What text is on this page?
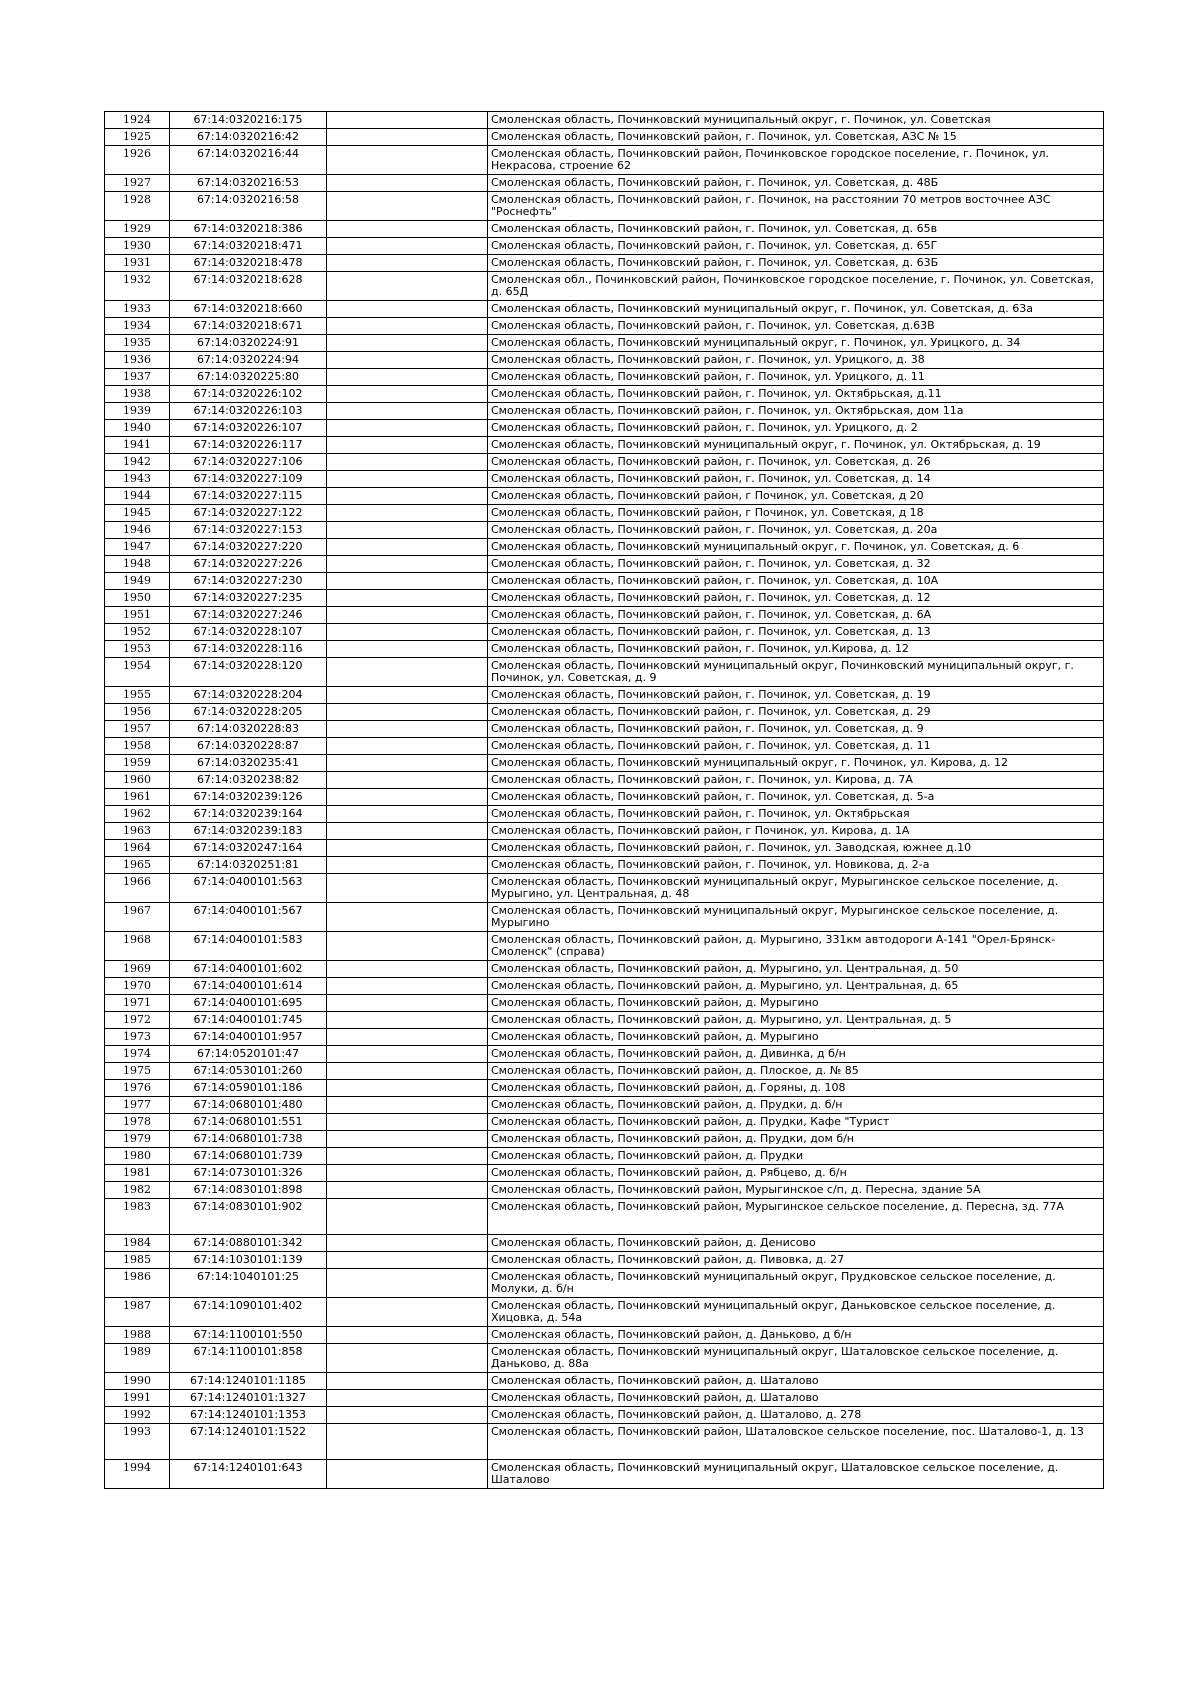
1924	67:14:0320216:175		Смоленская область, Починковский муниципальный округ, г. Починок, ул. Советская
1925	67:14:0320216:42		Смоленская область, Починковский район, г. Починок, ул. Советская, АЗС № 15
1926	67:14:0320216:44		Смоленская область, Починковский район, Починковское городское поселение, г. Починок, ул. Некрасова, строение 62
1927	67:14:0320216:53		Смоленская область, Починковский район, г. Починок, ул. Советская, д. 48Б
1928	67:14:0320216:58		Смоленская область, Починковский район, г. Починок, на расстоянии 70 метров восточнее АЗС "Роснефть"
1929	67:14:0320218:386		Смоленская область, Починковский район, г. Починок, ул. Советская, д. 65в
1930	67:14:0320218:471		Смоленская область, Починковский район, г. Починок, ул. Советская, д. 65Г
1931	67:14:0320218:478		Смоленская область, Починковский район, г. Починок, ул. Советская, д. 63Б
1932	67:14:0320218:628		Смоленская обл., Починковский район, Починковское городское поселение, г. Починок, ул. Советская, д. 65Д
1933	67:14:0320218:660		Смоленская область, Починковский муниципальный округ, г. Починок, ул. Советская, д. 63а
1934	67:14:0320218:671		Смоленская область, Починковский район, г. Починок, ул. Советская, д.63В
1935	67:14:0320224:91		Смоленская область, Починковский муниципальный округ, г. Починок, ул. Урицкого, д. 34
1936	67:14:0320224:94		Смоленская область, Починковский район, г. Починок, ул. Урицкого, д. 38
1937	67:14:0320225:80		Смоленская область, Починковский район, г. Починок, ул. Урицкого, д. 11
1938	67:14:0320226:102		Смоленская область, Починковский район, г. Починок, ул. Октябрьская, д.11
1939	67:14:0320226:103		Смоленская область, Починковский район, г. Починок, ул. Октябрьская, дом 11а
1940	67:14:0320226:107		Смоленская область, Починковский район, г. Починок, ул. Урицкого, д. 2
1941	67:14:0320226:117		Смоленская область, Починковский муниципальный округ, г. Починок, ул. Октябрьская, д. 19
1942	67:14:0320227:106		Смоленская область, Починковский район, г. Починок, ул. Советская, д. 26
1943	67:14:0320227:109		Смоленская область, Починковский район, г. Починок, ул. Советская, д. 14
1944	67:14:0320227:115		Смоленская область, Починковский район, г Починок, ул. Советская, д 20
1945	67:14:0320227:122		Смоленская область, Починковский район, г Починок, ул. Советская, д 18
1946	67:14:0320227:153		Смоленская область, Починковский район, г. Починок, ул. Советская, д. 20а
1947	67:14:0320227:220		Смоленская область, Починковский муниципальный округ, г. Починок, ул. Советская, д. 6
1948	67:14:0320227:226		Смоленская область, Починковский район, г. Починок, ул. Советская, д. 32
1949	67:14:0320227:230		Смоленская область, Починковский район, г. Починок, ул. Советская, д. 10А
1950	67:14:0320227:235		Смоленская область, Починковский район, г. Починок, ул. Советская, д. 12
1951	67:14:0320227:246		Смоленская область, Починковский район, г. Починок, ул. Советская, д. 6А
1952	67:14:0320228:107		Смоленская область, Починковский район, г. Починок, ул. Советская, д. 13
1953	67:14:0320228:116		Смоленская область, Починковский район, г. Починок, ул.Кирова, д. 12
1954	67:14:0320228:120		Смоленская область, Починковский муниципальный округ, Починковский муниципальный округ, г. Починок, ул. Советская, д. 9
1955	67:14:0320228:204		Смоленская область, Починковский район, г. Починок, ул. Советская, д. 19
1956	67:14:0320228:205		Смоленская область, Починковский район, г. Починок, ул. Советская, д. 29
1957	67:14:0320228:83		Смоленская область, Починковский район, г. Починок, ул. Советская, д. 9
1958	67:14:0320228:87		Смоленская область, Починковский район, г. Починок, ул. Советская, д. 11
1959	67:14:0320235:41		Смоленская область, Починковский муниципальный округ, г. Починок, ул. Кирова, д. 12
1960	67:14:0320238:82		Смоленская область, Починковский район, г. Починок, ул. Кирова, д. 7А
1961	67:14:0320239:126		Смоленская область, Починковский район, г. Починок, ул. Советская, д. 5-а
1962	67:14:0320239:164		Смоленская область, Починковский район, г. Починок, ул. Октябрьская
1963	67:14:0320239:183		Смоленская область, Починковский район, г Починок, ул. Кирова, д. 1А
1964	67:14:0320247:164		Смоленская область, Починковский район, г. Починок, ул. Заводская, южнее д.10
1965	67:14:0320251:81		Смоленская область, Починковский район, г. Починок, ул. Новикова, д. 2-а
1966	67:14:0400101:563		Смоленская область, Починковский муниципальный округ, Мурыгинское сельское поселение, д. Мурыгино, ул. Центральная, д. 48
1967	67:14:0400101:567		Смоленская область, Починковский муниципальный округ, Мурыгинское сельское поселение, д. Мурыгино
1968	67:14:0400101:583		Смоленская область, Починковский район, д. Мурыгино, 331км автодороги А-141 "Орел-Брянск-Смоленск" (справа)
1969	67:14:0400101:602		Смоленская область, Починковский район, д. Мурыгино, ул. Центральная, д. 50
1970	67:14:0400101:614		Смоленская область, Починковский район, д. Мурыгино, ул. Центральная, д. 65
1971	67:14:0400101:695		Смоленская область, Починковский район, д. Мурыгино
1972	67:14:0400101:745		Смоленская область, Починковский район, д. Мурыгино, ул. Центральная, д. 5
1973	67:14:0400101:957		Смоленская область, Починковский район, д. Мурыгино
1974	67:14:0520101:47		Смоленская область, Починковский район, д. Дивинка, д б/н
1975	67:14:0530101:260		Смоленская область, Починковский район, д. Плоское, д. № 85
1976	67:14:0590101:186		Смоленская область, Починковский район, д. Горяны, д. 108
1977	67:14:0680101:480		Смоленская область, Починковский район, д. Прудки, д. б/н
1978	67:14:0680101:551		Смоленская область, Починковский район, д. Прудки, Кафе "Турист
1979	67:14:0680101:738		Смоленская область, Починковский район, д. Прудки, дом б/н
1980	67:14:0680101:739		Смоленская область, Починковский район, д. Прудки
1981	67:14:0730101:326		Смоленская область, Починковский район, д. Рябцево, д. б/н
1982	67:14:0830101:898		Смоленская область, Починковский район, Мурыгинское с/п, д. Пересна, здание 5А
1983	67:14:0830101:902		Смоленская область, Починковский район, Мурыгинское сельское поселение, д. Пересна, зд. 77А
1984	67:14:0880101:342		Смоленская область, Починковский район, д. Денисово
1985	67:14:1030101:139		Смоленская область, Починковский район, д. Пивовка, д. 27
1986	67:14:1040101:25		Смоленская область, Починковский муниципальный округ, Прудковское сельское поселение, д. Молуки, д. б/н
1987	67:14:1090101:402		Смоленская область, Починковский муниципальный округ, Даньковское сельское поселение, д. Хицовка, д. 54а
1988	67:14:1100101:550		Смоленская область, Починковский район, д. Даньково, д б/н
1989	67:14:1100101:858		Смоленская область, Починковский муниципальный округ, Шаталовское сельское поселение, д. Даньково, д. 88а
1990	67:14:1240101:1185		Смоленская область, Починковский район, д. Шаталово
1991	67:14:1240101:1327		Смоленская область, Починковский район, д. Шаталово
1992	67:14:1240101:1353		Смоленская область, Починковский район, д. Шаталово, д. 278
1993	67:14:1240101:1522		Смоленская область, Починковский район, Шаталовское сельское поселение, пос. Шаталово-1, д. 13
1994	67:14:1240101:643		Смоленская область, Починковский муниципальный округ, Шаталовское сельское поселение, д. Шаталово
